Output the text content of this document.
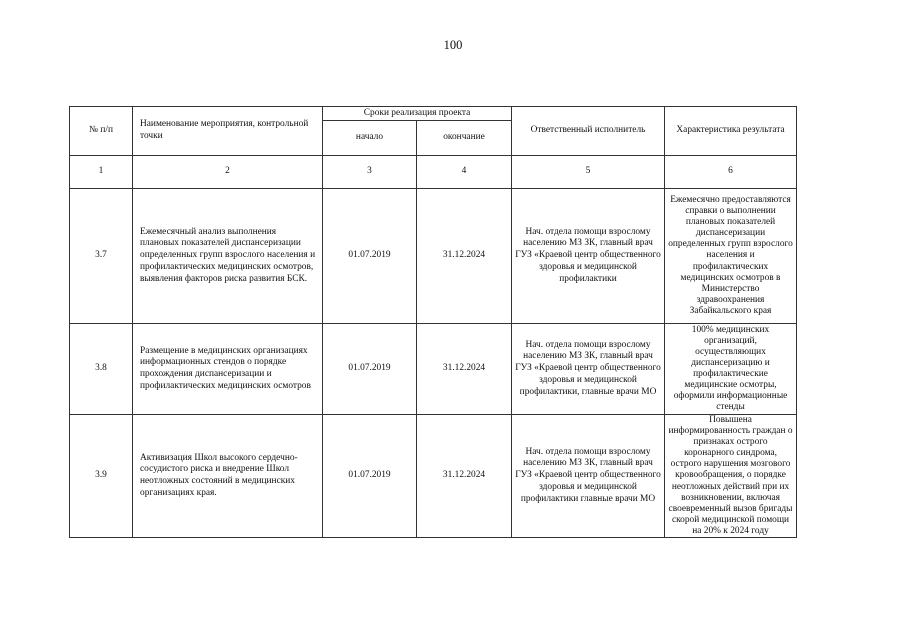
100
№ п/п	Наименование мероприятия, контрольной точки	Сроки реализация проекта		Ответственный исполнитель	Характеристика результата
		начало	окончание		
1	2	3	4	5	6
3.7	Ежемесячный анализ выполнения плановых показателей диспансеризации определенных групп взрослого населения и профилактических медицинских осмотров, выявления факторов риска развития БСК.	01.07.2019	31.12.2024	Нач. отдела помощи взрослому населению МЗ ЗК, главный врач ГУЗ «Краевой центр общественного здоровья и медицинской профилактики	Ежемесячно предоставляются справки о выполнении плановых показателей диспансеризации определенных групп взрослого населения и профилактических медицинских осмотров в Министерство здравоохранения Забайкальского края
3.8	Размещение в медицинских организациях информационных стендов о порядке прохождения диспансеризации и профилактических медицинских осмотров	01.07.2019	31.12.2024	Нач. отдела помощи взрослому населению МЗ ЗК, главный врач ГУЗ «Краевой центр общественного здоровья и медицинской профилактики, главные врачи МО	100% медицинских организаций, осуществляющих диспансеризацию и профилактические медицинские осмотры, оформили информационные стенды
3.9	Активизация Школ высокого сердечно-сосудистого риска и внедрение Школ неотложных состояний в медицинских организациях края.	01.07.2019	31.12.2024	Нач. отдела помощи взрослому населению МЗ ЗК, главный врач ГУЗ «Краевой центр общественного здоровья и медицинской профилактики главные врачи МО	Повышена информированность граждан о признаках острого коронарного синдрома, острого нарушения мозгового кровообращения, о порядке неотложных действий при их возникновении, включая своевременный вызов бригады скорой медицинской помощи на 20% к 2024 году
